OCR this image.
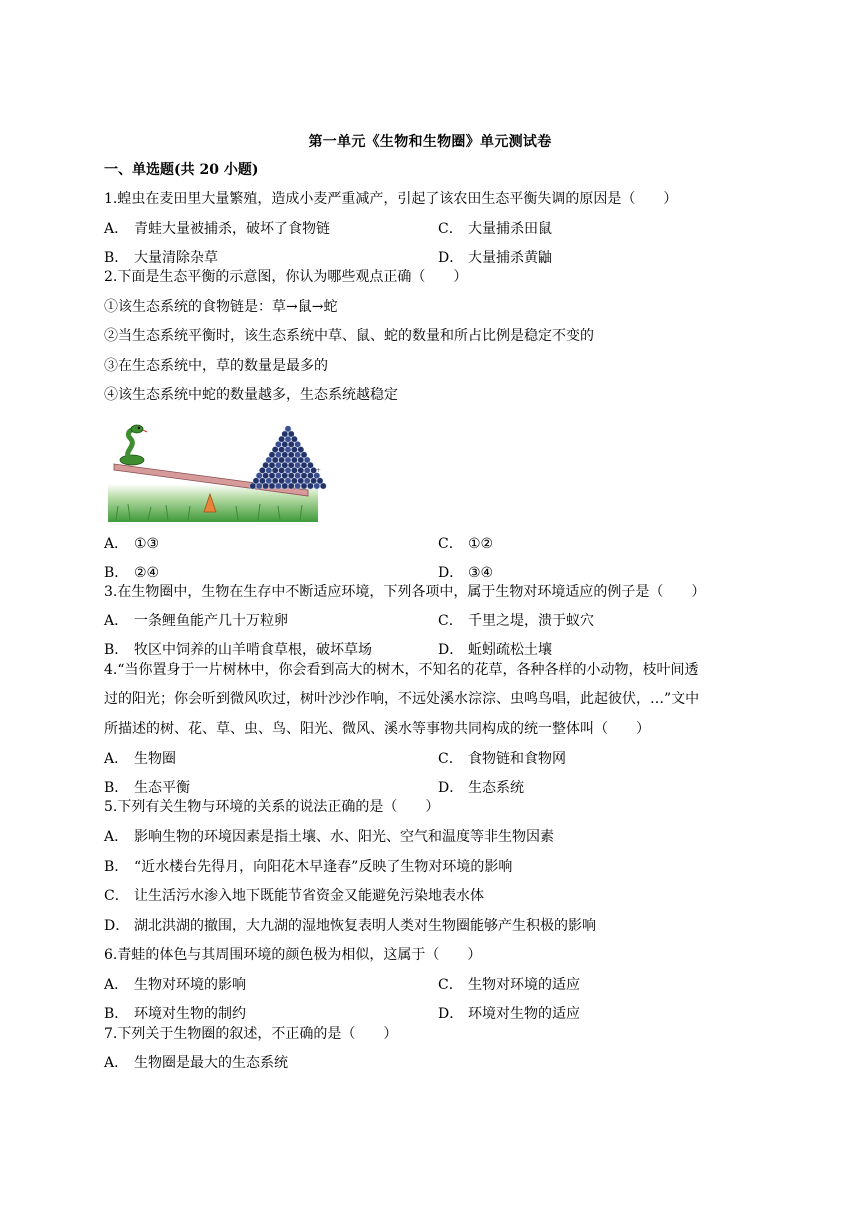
第一单元《生物和生物圈》单元测试卷
一、单选题(共 20 小题)
1.蝗虫在麦田里大量繁殖，造成小麦严重减产，引起了该农田生态平衡失调的原因是（　　）
A． 青蛙大量被捕杀，破坏了食物链	C． 大量捕杀田鼠
B． 大量清除杂草	D． 大量捕杀黄鼬
2.下面是生态平衡的示意图，你认为哪些观点正确（　　）
①该生态系统的食物链是：草→鼠→蛇
②当生态系统平衡时，该生态系统中草、鼠、蛇的数量和所占比例是稳定不变的
③在生态系统中，草的数量是最多的
④该生态系统中蛇的数量越多，生态系统越稳定
+
A． ①③	C． ①②
B． ②④	D． ③④
3.在生物圈中，生物在生存中不断适应环境，下列各项中，属于生物对环境适应的例子是（　　）
A． 一条鲤鱼能产几十万粒卵	C． 千里之堤，溃于蚁穴
B． 牧区中饲养的山羊啃食草根，破坏草场	D． 蚯蚓疏松土壤
4.“当你置身于一片树林中，你会看到高大的树木，不知名的花草，各种各样的小动物，枝叶间透
过的阳光；你会听到微风吹过，树叶沙沙作响，不远处溪水淙淙、虫鸣鸟唱，此起彼伏，…”文中
所描述的树、花、草、虫、鸟、阳光、微风、溪水等事物共同构成的统一整体叫（　　）
A． 生物圈	C． 食物链和食物网
B． 生态平衡	D． 生态系统
5.下列有关生物与环境的关系的说法正确的是（　　）
A． 影响生物的环境因素是指土壤、水、阳光、空气和温度等非生物因素
B． “近水楼台先得月，向阳花木早逢春”反映了生物对环境的影响
C． 让生活污水渗入地下既能节省资金又能避免污染地表水体
D． 湖北洪湖的撤围，大九湖的湿地恢复表明人类对生物圈能够产生积极的影响
6.青蛙的体色与其周围环境的颜色极为相似，这属于（　　）
A． 生物对环境的影响	C． 生物对环境的适应
B． 环境对生物的制约	D． 环境对生物的适应
7.下列关于生物圈的叙述，不正确的是（　　）
A． 生物圈是最大的生态系统
